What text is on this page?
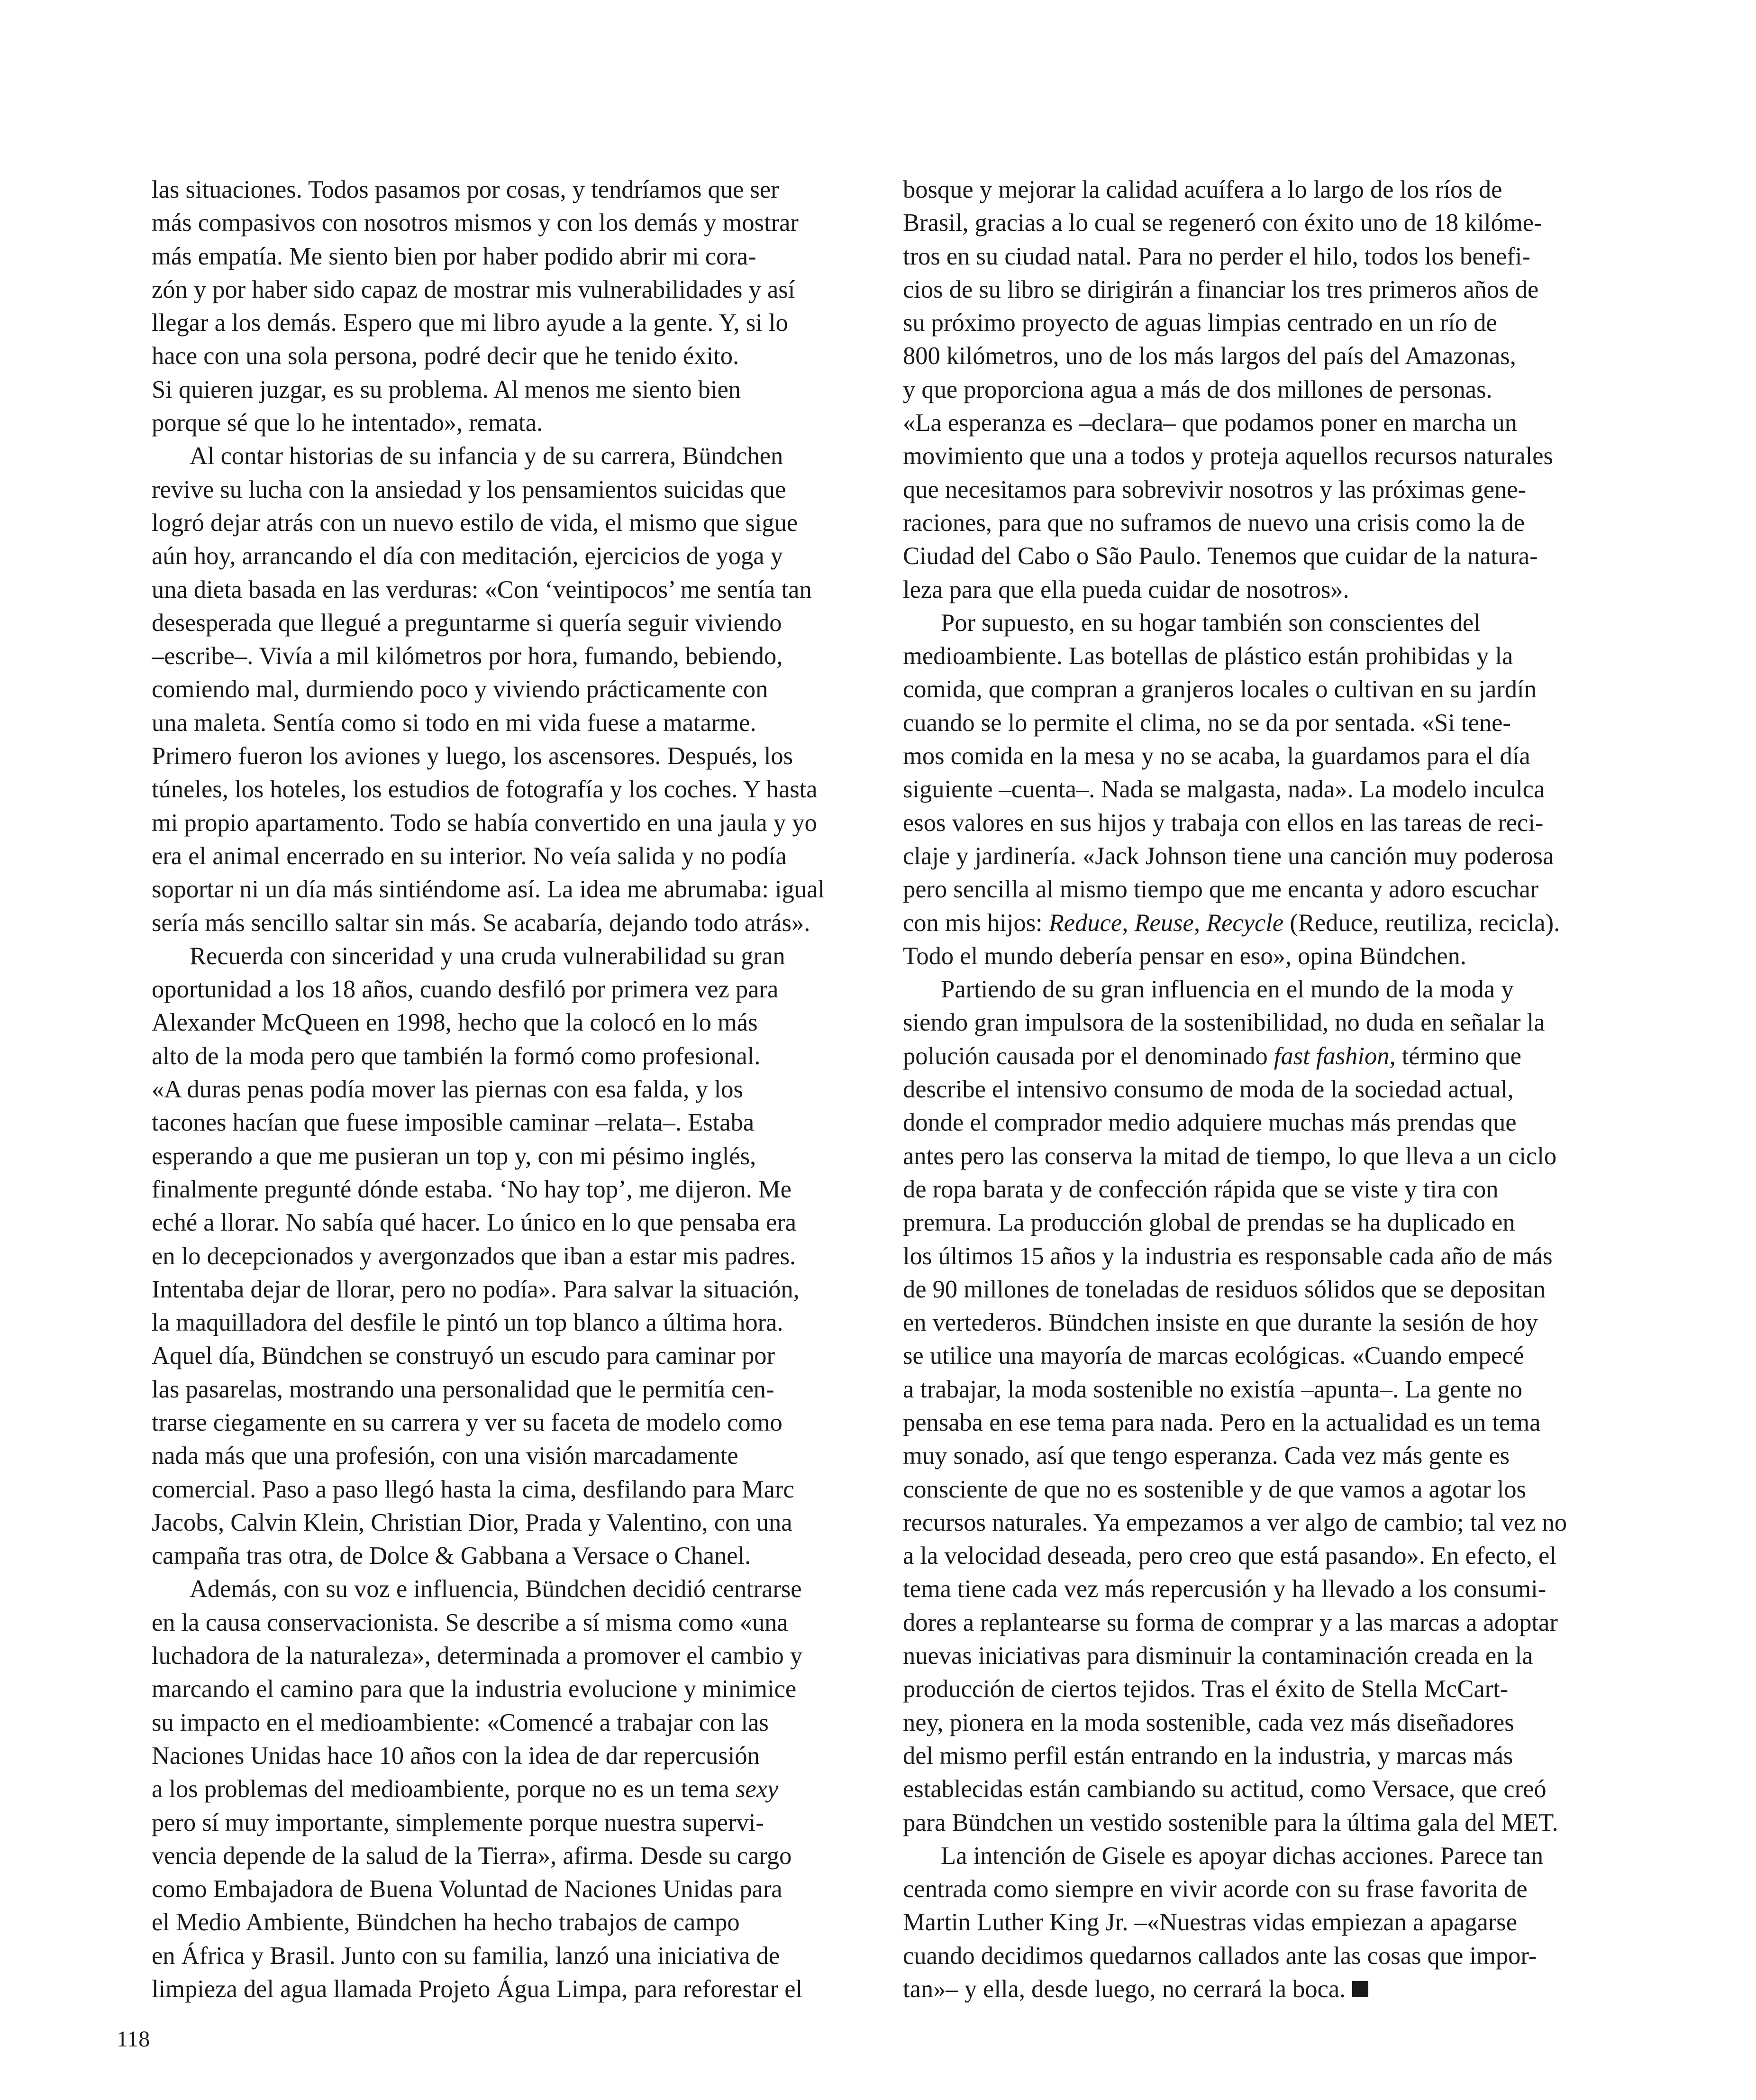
las situaciones. Todos pasamos por cosas, y tendríamos que ser
más compasivos con nosotros mismos y con los demás y mostrar
más empatía. Me siento bien por haber podido abrir mi cora-
zón y por haber sido capaz de mostrar mis vulnerabilidades y así
llegar a los demás. Espero que mi libro ayude a la gente. Y, si lo
hace con una sola persona, podré decir que he tenido éxito.
Si quieren juzgar, es su problema. Al menos me siento bien
porque sé que lo he intentado», remata.
Al contar historias de su infancia y de su carrera, Bündchen
revive su lucha con la ansiedad y los pensamientos suicidas que
logró dejar atrás con un nuevo estilo de vida, el mismo que sigue
aún hoy, arrancando el día con meditación, ejercicios de yoga y
una dieta basada en las verduras: «Con ‘veintipocos’ me sentía tan
desesperada que llegué a preguntarme si quería seguir viviendo
–escribe–. Vivía a mil kilómetros por hora, fumando, bebiendo,
comiendo mal, durmiendo poco y viviendo prácticamente con
una maleta. Sentía como si todo en mi vida fuese a matarme.
Primero fueron los aviones y luego, los ascensores. Después, los
túneles, los hoteles, los estudios de fotografía y los coches. Y hasta
mi propio apartamento. Todo se había convertido en una jaula y yo
era el animal encerrado en su interior. No veía salida y no podía
soportar ni un día más sintiéndome así. La idea me abrumaba: igual
sería más sencillo saltar sin más. Se acabaría, dejando todo atrás».
Recuerda con sinceridad y una cruda vulnerabilidad su gran
oportunidad a los 18 años, cuando desfiló por primera vez para
Alexander McQueen en 1998, hecho que la colocó en lo más
alto de la moda pero que también la formó como profesional.
«A duras penas podía mover las piernas con esa falda, y los
tacones hacían que fuese imposible caminar –relata–. Estaba
esperando a que me pusieran un top y, con mi pésimo inglés,
finalmente pregunté dónde estaba. ‘No hay top’, me dijeron. Me
eché a llorar. No sabía qué hacer. Lo único en lo que pensaba era
en lo decepcionados y avergonzados que iban a estar mis padres.
Intentaba dejar de llorar, pero no podía». Para salvar la situación,
la maquilladora del desfile le pintó un top blanco a última hora.
Aquel día, Bündchen se construyó un escudo para caminar por
las pasarelas, mostrando una personalidad que le permitía cen-
trarse ciegamente en su carrera y ver su faceta de modelo como
nada más que una profesión, con una visión marcadamente
comercial. Paso a paso llegó hasta la cima, desfilando para Marc
Jacobs, Calvin Klein, Christian Dior, Prada y Valentino, con una
campaña tras otra, de Dolce & Gabbana a Versace o Chanel.
Además, con su voz e influencia, Bündchen decidió centrarse
en la causa conservacionista. Se describe a sí misma como «una
luchadora de la naturaleza», determinada a promover el cambio y
marcando el camino para que la industria evolucione y minimice
su impacto en el medioambiente: «Comencé a trabajar con las
Naciones Unidas hace 10 años con la idea de dar repercusión
a los problemas del medioambiente, porque no es un tema sexy
pero sí muy importante, simplemente porque nuestra supervi-
vencia depende de la salud de la Tierra», afirma. Desde su cargo
como Embajadora de Buena Voluntad de Naciones Unidas para
el Medio Ambiente, Bündchen ha hecho trabajos de campo
en África y Brasil. Junto con su familia, lanzó una iniciativa de
limpieza del agua llamada Projeto Água Limpa, para reforestar el
bosque y mejorar la calidad acuífera a lo largo de los ríos de
Brasil, gracias a lo cual se regeneró con éxito uno de 18 kilóme-
tros en su ciudad natal. Para no perder el hilo, todos los benefi-
cios de su libro se dirigirán a financiar los tres primeros años de
su próximo proyecto de aguas limpias centrado en un río de
800 kilómetros, uno de los más largos del país del Amazonas,
y que proporciona agua a más de dos millones de personas.
«La esperanza es –declara– que podamos poner en marcha un
movimiento que una a todos y proteja aquellos recursos naturales
que necesitamos para sobrevivir nosotros y las próximas gene-
raciones, para que no suframos de nuevo una crisis como la de
Ciudad del Cabo o São Paulo. Tenemos que cuidar de la natura-
leza para que ella pueda cuidar de nosotros».
Por supuesto, en su hogar también son conscientes del
medioambiente. Las botellas de plástico están prohibidas y la
comida, que compran a granjeros locales o cultivan en su jardín
cuando se lo permite el clima, no se da por sentada. «Si tene-
mos comida en la mesa y no se acaba, la guardamos para el día
siguiente –cuenta–. Nada se malgasta, nada». La modelo inculca
esos valores en sus hijos y trabaja con ellos en las tareas de reci-
claje y jardinería. «Jack Johnson tiene una canción muy poderosa
pero sencilla al mismo tiempo que me encanta y adoro escuchar
con mis hijos: Reduce, Reuse, Recycle (Reduce, reutiliza, recicla).
Todo el mundo debería pensar en eso», opina Bündchen.
Partiendo de su gran influencia en el mundo de la moda y
siendo gran impulsora de la sostenibilidad, no duda en señalar la
polución causada por el denominado fast fashion, término que
describe el intensivo consumo de moda de la sociedad actual,
donde el comprador medio adquiere muchas más prendas que
antes pero las conserva la mitad de tiempo, lo que lleva a un ciclo
de ropa barata y de confección rápida que se viste y tira con
premura. La producción global de prendas se ha duplicado en
los últimos 15 años y la industria es responsable cada año de más
de 90 millones de toneladas de residuos sólidos que se depositan
en vertederos. Bündchen insiste en que durante la sesión de hoy
se utilice una mayoría de marcas ecológicas. «Cuando empecé
a trabajar, la moda sostenible no existía –apunta–. La gente no
pensaba en ese tema para nada. Pero en la actualidad es un tema
muy sonado, así que tengo esperanza. Cada vez más gente es
consciente de que no es sostenible y de que vamos a agotar los
recursos naturales. Ya empezamos a ver algo de cambio; tal vez no
a la velocidad deseada, pero creo que está pasando». En efecto, el
tema tiene cada vez más repercusión y ha llevado a los consumi-
dores a replantearse su forma de comprar y a las marcas a adoptar
nuevas iniciativas para disminuir la contaminación creada en la
producción de ciertos tejidos. Tras el éxito de Stella McCart-
ney, pionera en la moda sostenible, cada vez más diseñadores
del mismo perfil están entrando en la industria, y marcas más
establecidas están cambiando su actitud, como Versace, que creó
para Bündchen un vestido sostenible para la última gala del MET.
La intención de Gisele es apoyar dichas acciones. Parece tan
centrada como siempre en vivir acorde con su frase favorita de
Martin Luther King Jr. –«Nuestras vidas empiezan a apagarse
cuando decidimos quedarnos callados ante las cosas que impor-
tan»– y ella, desde luego, no cerrará la boca.
118
